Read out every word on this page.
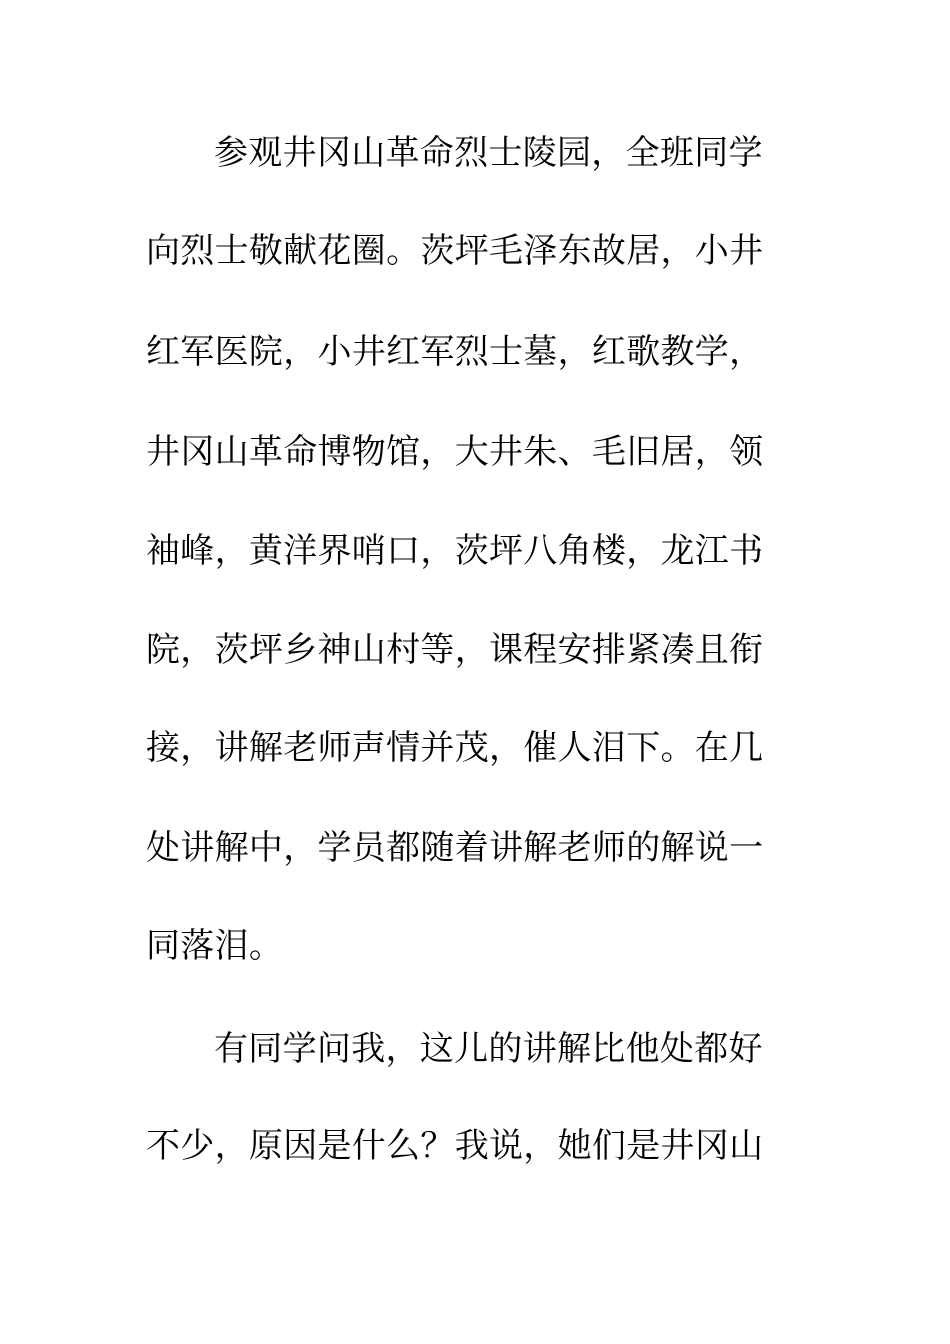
参观井冈山革命烈士陵园，全班同学
向烈士敬献花圈。茨坪毛泽东故居，小井
红军医院，小井红军烈士墓，红歌教学，
井冈山革命博物馆，大井朱、毛旧居，领
袖峰，黄洋界哨口，茨坪八角楼，龙江书
院，茨坪乡神山村等，课程安排紧凑且衔
接，讲解老师声情并茂，催人泪下。在几
处讲解中，学员都随着讲解老师的解说一
同落泪。
有同学问我，这儿的讲解比他处都好
不少，原因是什么？我说，她们是井冈山
